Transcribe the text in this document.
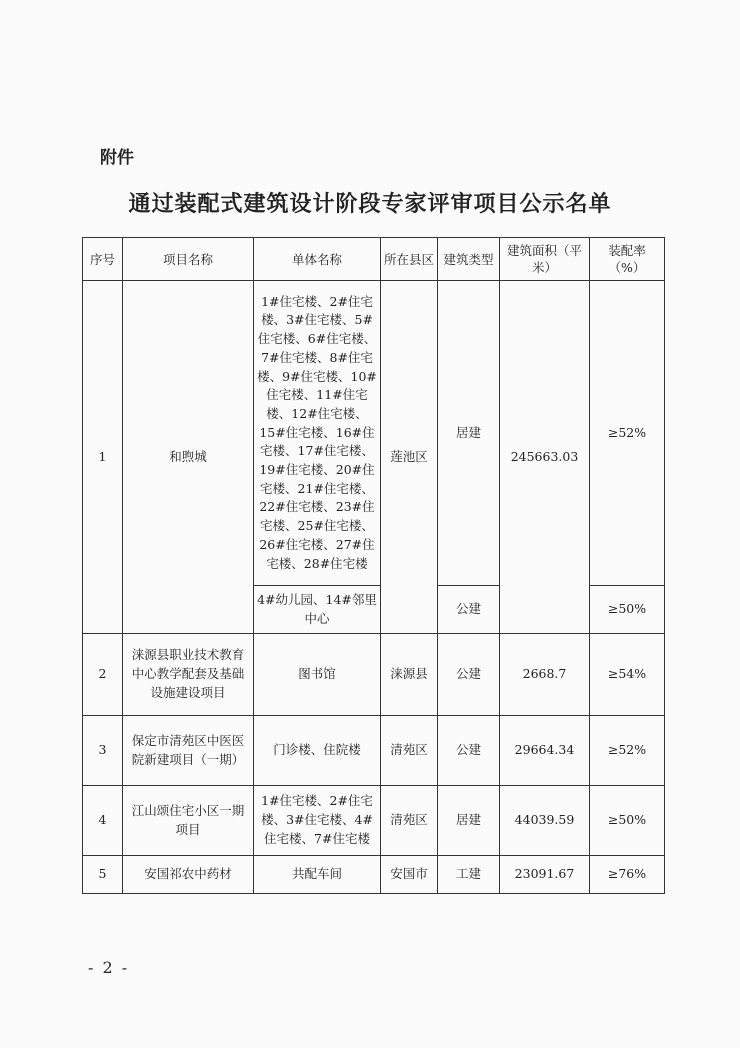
附件
通过装配式建筑设计阶段专家评审项目公示名单
序号	项目名称	单体名称	所在县区	建筑类型	建筑面积（平米）	装配率（%）
1	和煦城	1#住宅楼、2#住宅楼、3#住宅楼、5#住宅楼、6#住宅楼、7#住宅楼、8#住宅楼、9#住宅楼、10#住宅楼、11#住宅楼、12#住宅楼、15#住宅楼、16#住宅楼、17#住宅楼、19#住宅楼、20#住宅楼、21#住宅楼、22#住宅楼、23#住宅楼、25#住宅楼、26#住宅楼、27#住宅楼、28#住宅楼	莲池区	居建	245663.03	≥52%
		4#幼儿园、14#邻里中心		公建		≥50%
2	涞源县职业技术教育中心教学配套及基础设施建设项目	图书馆	涞源县	公建	2668.7	≥54%
3	保定市清苑区中医医院新建项目（一期）	门诊楼、住院楼	清苑区	公建	29664.34	≥52%
4	江山颂住宅小区一期项目	1#住宅楼、2#住宅楼、3#住宅楼、4#住宅楼、7#住宅楼	清苑区	居建	44039.59	≥50%
5	安国祁农中药材	共配车间	安国市	工建	23091.67	≥76%
- 2 -
